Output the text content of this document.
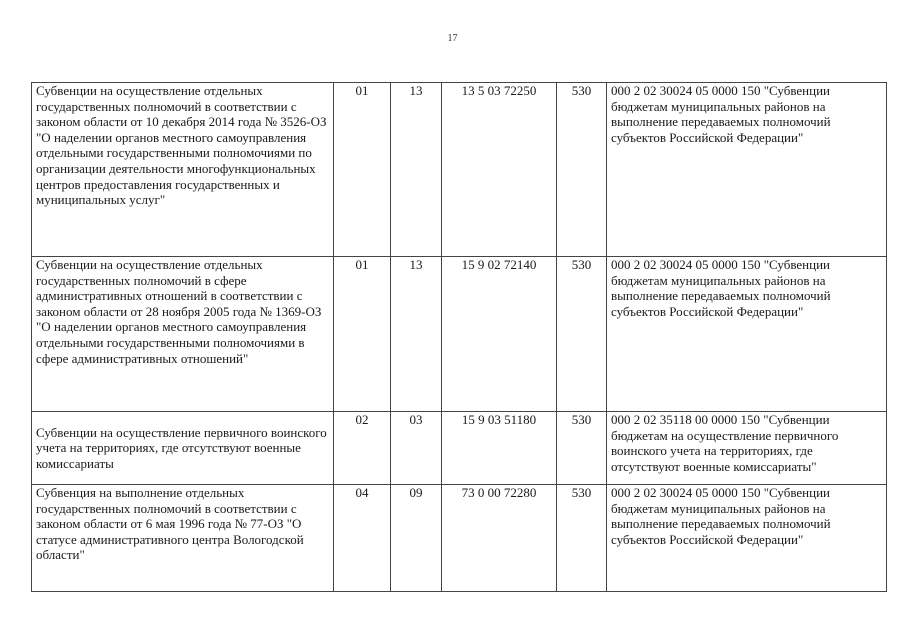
17
Субвенции на осуществление отдельных государственных полномочий в соответствии с законом области от 10 декабря 2014 года № 3526-ОЗ "О наделении органов местного самоуправления отдельными государственными полномочиями по организации деятельности многофункциональных центров предоставления государственных и муниципальных услуг"	01	13	13 5 03 72250	530	000 2 02 30024 05 0000 150 "Субвенции бюджетам муниципальных районов на выполнение передаваемых полномочий субъектов Российской Федерации"
Субвенции на осуществление отдельных государственных полномочий в сфере административных отношений в соответствии с законом области от 28 ноября 2005 года № 1369-ОЗ "О наделении органов местного самоуправления отдельными государственными полномочиями в сфере административных отношений"	01	13	15 9 02 72140	530	000 2 02 30024 05 0000 150 "Субвенции бюджетам муниципальных районов на выполнение передаваемых полномочий субъектов Российской Федерации"
Субвенции на осуществление первичного воинского учета на территориях, где отсутствуют военные комиссариаты	02	03	15 9 03 51180	530	000 2 02 35118 00 0000 150 "Субвенции бюджетам на осуществление первичного воинского учета на территориях, где отсутствуют военные комиссариаты"
Субвенция на выполнение отдельных государственных полномочий в соответствии с законом области от 6 мая 1996 года № 77-ОЗ "О статусе административного центра Вологодской области"	04	09	73 0 00 72280	530	000 2 02 30024 05 0000 150 "Субвенции бюджетам муниципальных районов на выполнение передаваемых полномочий субъектов Российской Федерации"
